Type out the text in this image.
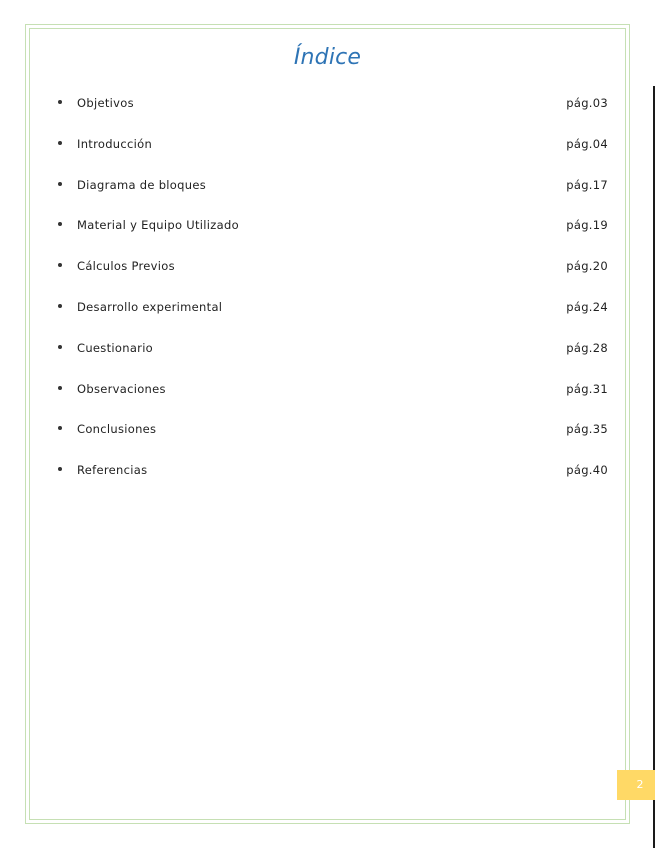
Índice
Objetivos	pág.03
Introducción	pág.04
Diagrama de bloques	pág.17
Material y Equipo Utilizado	pág.19
Cálculos Previos	pág.20
Desarrollo experimental	pág.24
Cuestionario	pág.28
Observaciones	pág.31
Conclusiones	pág.35
Referencias	pág.40
2
